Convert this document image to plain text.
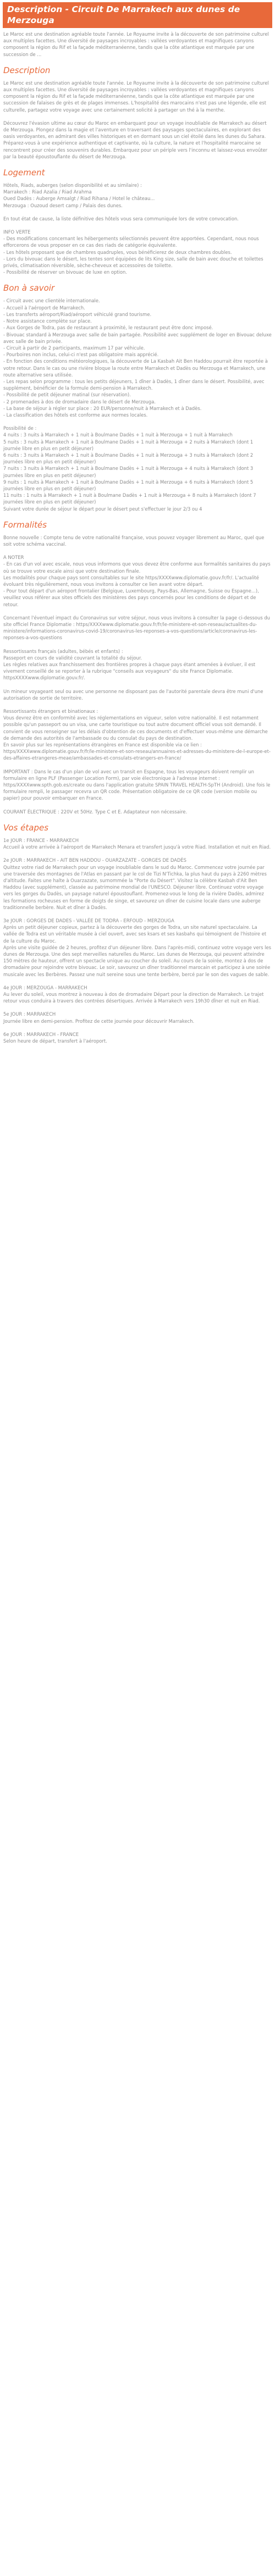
Description - Circuit De Marrakech aux dunes de Merzouga

Le Maroc est une destination agréable toute l'année. Le Royaume invite à la découverte de son patrimoine culturel aux multiples facettes. Une diversité de paysages incroyables : vallées verdoyantes et magnifiques canyons composent la région du Rif et la façade méditerranéenne, tandis que la côte atlantique est marquée par une succession de ...

Description

Le Maroc est une destination agréable toute l'année. Le Royaume invite à la découverte de son patrimoine culturel aux multiples facettes. Une diversité de paysages incroyables : vallées verdoyantes et magnifiques canyons composent la région du Rif et la façade méditerranéenne, tandis que la côte atlantique est marquée par une succession de falaises de grès et de plages immenses. L'hospitalité des marocains n'est pas une légende, elle est culturelle, partagez votre voyage avec une certainement solicité à partager un thé à la menthe.

Découvrez l'évasion ultime au cœur du Maroc en embarquant pour un voyage inoubliable de Marrakech au désert de Merzouga. Plongez dans la magie et l'aventure en traversant des paysages spectaculaires, en explorant des oasis verdoyantes, en admirant des villes historiques et en dormant sous un ciel étoilé dans les dunes du Sahara. Préparez-vous à une expérience authentique et captivante, où la culture, la nature et l'hospitalité marocaine se rencontrent pour créer des souvenirs durables. Embarquez pour un périple vers l'inconnu et laissez-vous envoûter par la beauté époustouflante du désert de Merzouga.

Logement

Hôtels, Riads, auberges (selon disponibilité et au similaire) :
Marrakech : Riad Azalia / Riad Arahma
Oued Dadès : Auberge Amsalgt / Riad Rihana / Hotel le château...
Merzouga : Ouzoud desert camp / Palais des dunes.

En tout état de cause, la liste définitive des hôtels vous sera communiquée lors de votre convocation.

INFO VERTE
- Des modifications concernant les hébergements sélectionnés peuvent être apportées. Cependant, nous nous efforcerons de vous proposer en ce cas des riads de catégorie équivalente.
- Les hôtels proposant que de chambres quadruples, vous bénéficierez de deux chambres doubles.
- Lors du bivouac dans le désert, les tentes sont équipées de lits King size, salle de bain avec douche et toilettes privés, climatisation réversible, sèche-cheveux et accessoires de toilette.
- Possibilité de réserver un bivouac de luxe en option.

Bon à savoir

- Circuit avec une clientèle internationale.
- Accueil à l'aéroport de Marrakech.
- Les transferts aéroport/Riad/aéroport véhiculé grand tourisme.
- Notre assistance complète sur place.
- Aux Gorges de Todra, pas de restaurant à proximité, le restaurant peut être donc imposé.
- Bivouac standard à Merzouga avec salle de bain partagée. Possibilité avec supplément de loger en Bivouac deluxe avec salle de bain privée.
- Circuit à partir de 2 participants, maximum 17 par véhicule.
- Pourboires non inclus, celui-ci n'est pas obligatoire mais apprécié.
- En fonction des conditions météorologiques, la découverte de La Kasbah Ait Ben Haddou pourrait être reportée à votre retour. Dans le cas ou une rivière bloque la route entre Marrakech et Dadès ou Merzouga et Marrakech, une route alternative sera utilisée.
- Les repas selon programme : tous les petits déjeuners, 1 dîner à Dadès, 1 dîner dans le désert. Possibilité, avec supplément, bénéficier de la formule demi-pension à Marrakech.
- Possibilité de petit déjeuner matinal (sur réservation).
- 2 promenades à dos de dromadaire dans le désert de Merzouga.
- La base de séjour à régler sur place : 20 EUR/personne/nuit à Marrakech et à Dadès.
- La classification des hôtels est conforme aux normes locales.

Possibilité de :
4 nuits : 3 nuits à Marrakech + 1 nuit à Boulmane Dadès + 1 nuit à Merzouga + 1 nuit à Marrakech
5 nuits : 3 nuits à Marrakech + 1 nuit à Boulmane Dadès + 1 nuit à Merzouga + 2 nuits à Marrakech (dont 1 journée libre en plus en petit déjeuner)
6 nuits : 3 nuits à Marrakech + 1 nuit à Boulmane Dadès + 1 nuit à Merzouga + 3 nuits à Marrakech (dont 2 journées libre en plus en petit déjeuner)
7 nuits : 3 nuits à Marrakech + 1 nuit à Boulmane Dadès + 1 nuit à Merzouga + 4 nuits à Marrakech (dont 3 journées libre en plus en petit déjeuner)
9 nuits : 1 nuits à Marrakech + 1 nuit à Boulmane Dadès + 1 nuit à Merzouga + 6 nuits à Marrakech (dont 5 journées libre en plus en petit déjeuner)
11 nuits : 1 nuits à Marrakech + 1 nuit à Boulmane Dadès + 1 nuit à Merzouga + 8 nuits à Marrakech (dont 7 journées libre en plus en petit déjeuner)
Suivant votre durée de séjour le départ pour le désert peut s'effectuer le jour 2/3 ou 4

Formalités

Bonne nouvelle : Compte tenu de votre nationalité française, vous pouvez voyager librement au Maroc, quel que soit votre schéma vaccinal.

A NOTER
- En cas d'un vol avec escale, nous vous informons que vous devez être conforme aux formalités sanitaires du pays où se trouve votre escale ainsi que votre destination finale.
Les modalités pour chaque pays sont consultables sur le site https/XXXXwww.diplomatie.gouv.fr/fr/. L'actualité évoluant très régulièrement, nous vous invitons à consulter ce lien avant votre départ.
- Pour tout départ d'un aéroport frontalier (Belgique, Luxembourg, Pays-Bas, Allemagne, Suisse ou Espagne...), veuillez vous référer aux sites officiels des ministères des pays concernés pour les conditions de départ et de retour.

Concernant l'éventuel impact du Coronavirus sur votre séjour, nous vous invitons à consulter la page ci-dessous du site officiel France Diplomatie : https/XXXXwww.diplomatie.gouv.fr/fr/le-ministere-et-son-reseau/actualites-du-ministere/informations-coronavirus-covid-19/coronavirus-les-reponses-a-vos-questions/article/coronavirus-les-reponses-a-vos-questions

Ressortissants français (adultes, bébés et enfants) :
Passeport en cours de validité couvrant la totalité du séjour.
Les règles relatives aux franchissement des frontières propres à chaque pays étant amenées à évoluer, il est vivement conseillé de se reporter à la rubrique "conseils aux voyageurs" du site France Diplomatie.
httpsXXXXwww.diplomatie.gouv.fr/.

Un mineur voyageant seul ou avec une personne ne disposant pas de l'autorité parentale devra être muni d'une autorisation de sortie de territoire.

Ressortissants étrangers et binationaux :
Vous devrez être en conformité avec les réglementations en vigueur, selon votre nationalité. Il est notamment possible qu'un passeport ou un visa, une carte touristique ou tout autre document officiel vous soit demandé. Il convient de vous renseigner sur les délais d'obtention de ces documents et d'effectuer vous-même une démarche de demande des autorités de l'ambassade ou du consulat du pays de destination.
En savoir plus sur les représentations étrangères en France est disponible via ce lien : https/XXXXwww.diplomatie.gouv.fr/fr/le-ministere-et-son-reseau/annuaires-et-adresses-du-ministere-de-l-europe-et-des-affaires-etrangeres-meae/ambassades-et-consulats-etrangers-en-france/

IMPORTANT : Dans le cas d'un plan de vol avec un transit en Espagne, tous les voyageurs doivent remplir un formulaire en ligne PLF (Passenger Location Form), par voie électronique à l'adresse internet : https/XXXXwww.spth.gob.es/create ou dans l'application gratuite SPAIN TRAVEL HEALTH-SpTH (Android). Une fois le formulaire rempli, le passager recevra un QR code. Présentation obligatoire de ce QR code (version mobile ou papier) pour pouvoir embarquer en France.

COURANT ÉLECTRIQUE : 220V et 50Hz. Type C et E. Adaptateur non nécessaire.

Vos étapes

1e JOUR : FRANCE - MARRAKECH
Accueil à votre arrivée à l'aéroport de Marrakech Menara et transfert jusqu'à votre Riad. Installation et nuit en Riad.

2e JOUR : MARRAKECH - AIT BEN HADDOU - OUARZAZATE - GORGES DE DADÈS
Quittez votre riad de Marrakech pour un voyage inoubliable dans le sud du Maroc. Commencez votre journée par une traversée des montagnes de l'Atlas en passant par le col de Tizi N'Tichka, la plus haut du pays à 2260 mètres d'altitude. Faites une halte à Ouarzazate, surnommée la "Porte du Désert". Visitez la célèbre Kasbah d'Ait Ben Haddou (avec supplément), classée au patrimoine mondial de l'UNESCO. Déjeuner libre. Continuez votre voyage vers les gorges du Dadès, un paysage naturel époustouflant. Promenez-vous le long de la rivière Dadès, admirez les formations rocheuses en forme de doigts de singe, et savourez un dîner de cuisine locale dans une auberge traditionnelle berbère. Nuit et dîner à Dadès.

3e JOUR : GORGES DE DADES - VALLÉE DE TODRA - ERFOUD - MERZOUGA
Après un petit déjeuner copieux, partez à la découverte des gorges de Todra, un site naturel spectaculaire. La vallée de Todra est un véritable musée à ciel ouvert, avec ses ksars et ses kasbahs qui témoignent de l'histoire et de la culture du Maroc.
Après une visite guidée de 2 heures, profitez d'un déjeuner libre. Dans l'après-midi, continuez votre voyage vers les dunes de Merzouga. Une des sept merveilles naturelles du Maroc. Les dunes de Merzouga, qui peuvent atteindre 150 mètres de hauteur, offrent un spectacle unique au coucher du soleil. Au cours de la soirée, montez à dos de dromadaire pour rejoindre votre bivouac. Le soir, savourez un dîner traditionnel marocain et participez à une soirée musicale avec les Berbères. Passez une nuit sereine sous une tente berbère, bercé par le son des vagues de sable.

4e JOUR : MERZOUGA - MARRAKECH
Au lever du soleil, vous montrez à nouveau à dos de dromadaire Départ pour la direction de Marrakech. Le trajet retour vous conduira à travers des contrées désertiques. Arrivée à Marrakech vers 19h30 dîner et nuit en Riad.

5e JOUR : MARRAKECH
Journée libre en demi-pension. Profitez de cette journée pour découvrir Marrakech.

6e JOUR : MARRAKECH - FRANCE
Selon heure de départ, transfert à l'aéroport.
